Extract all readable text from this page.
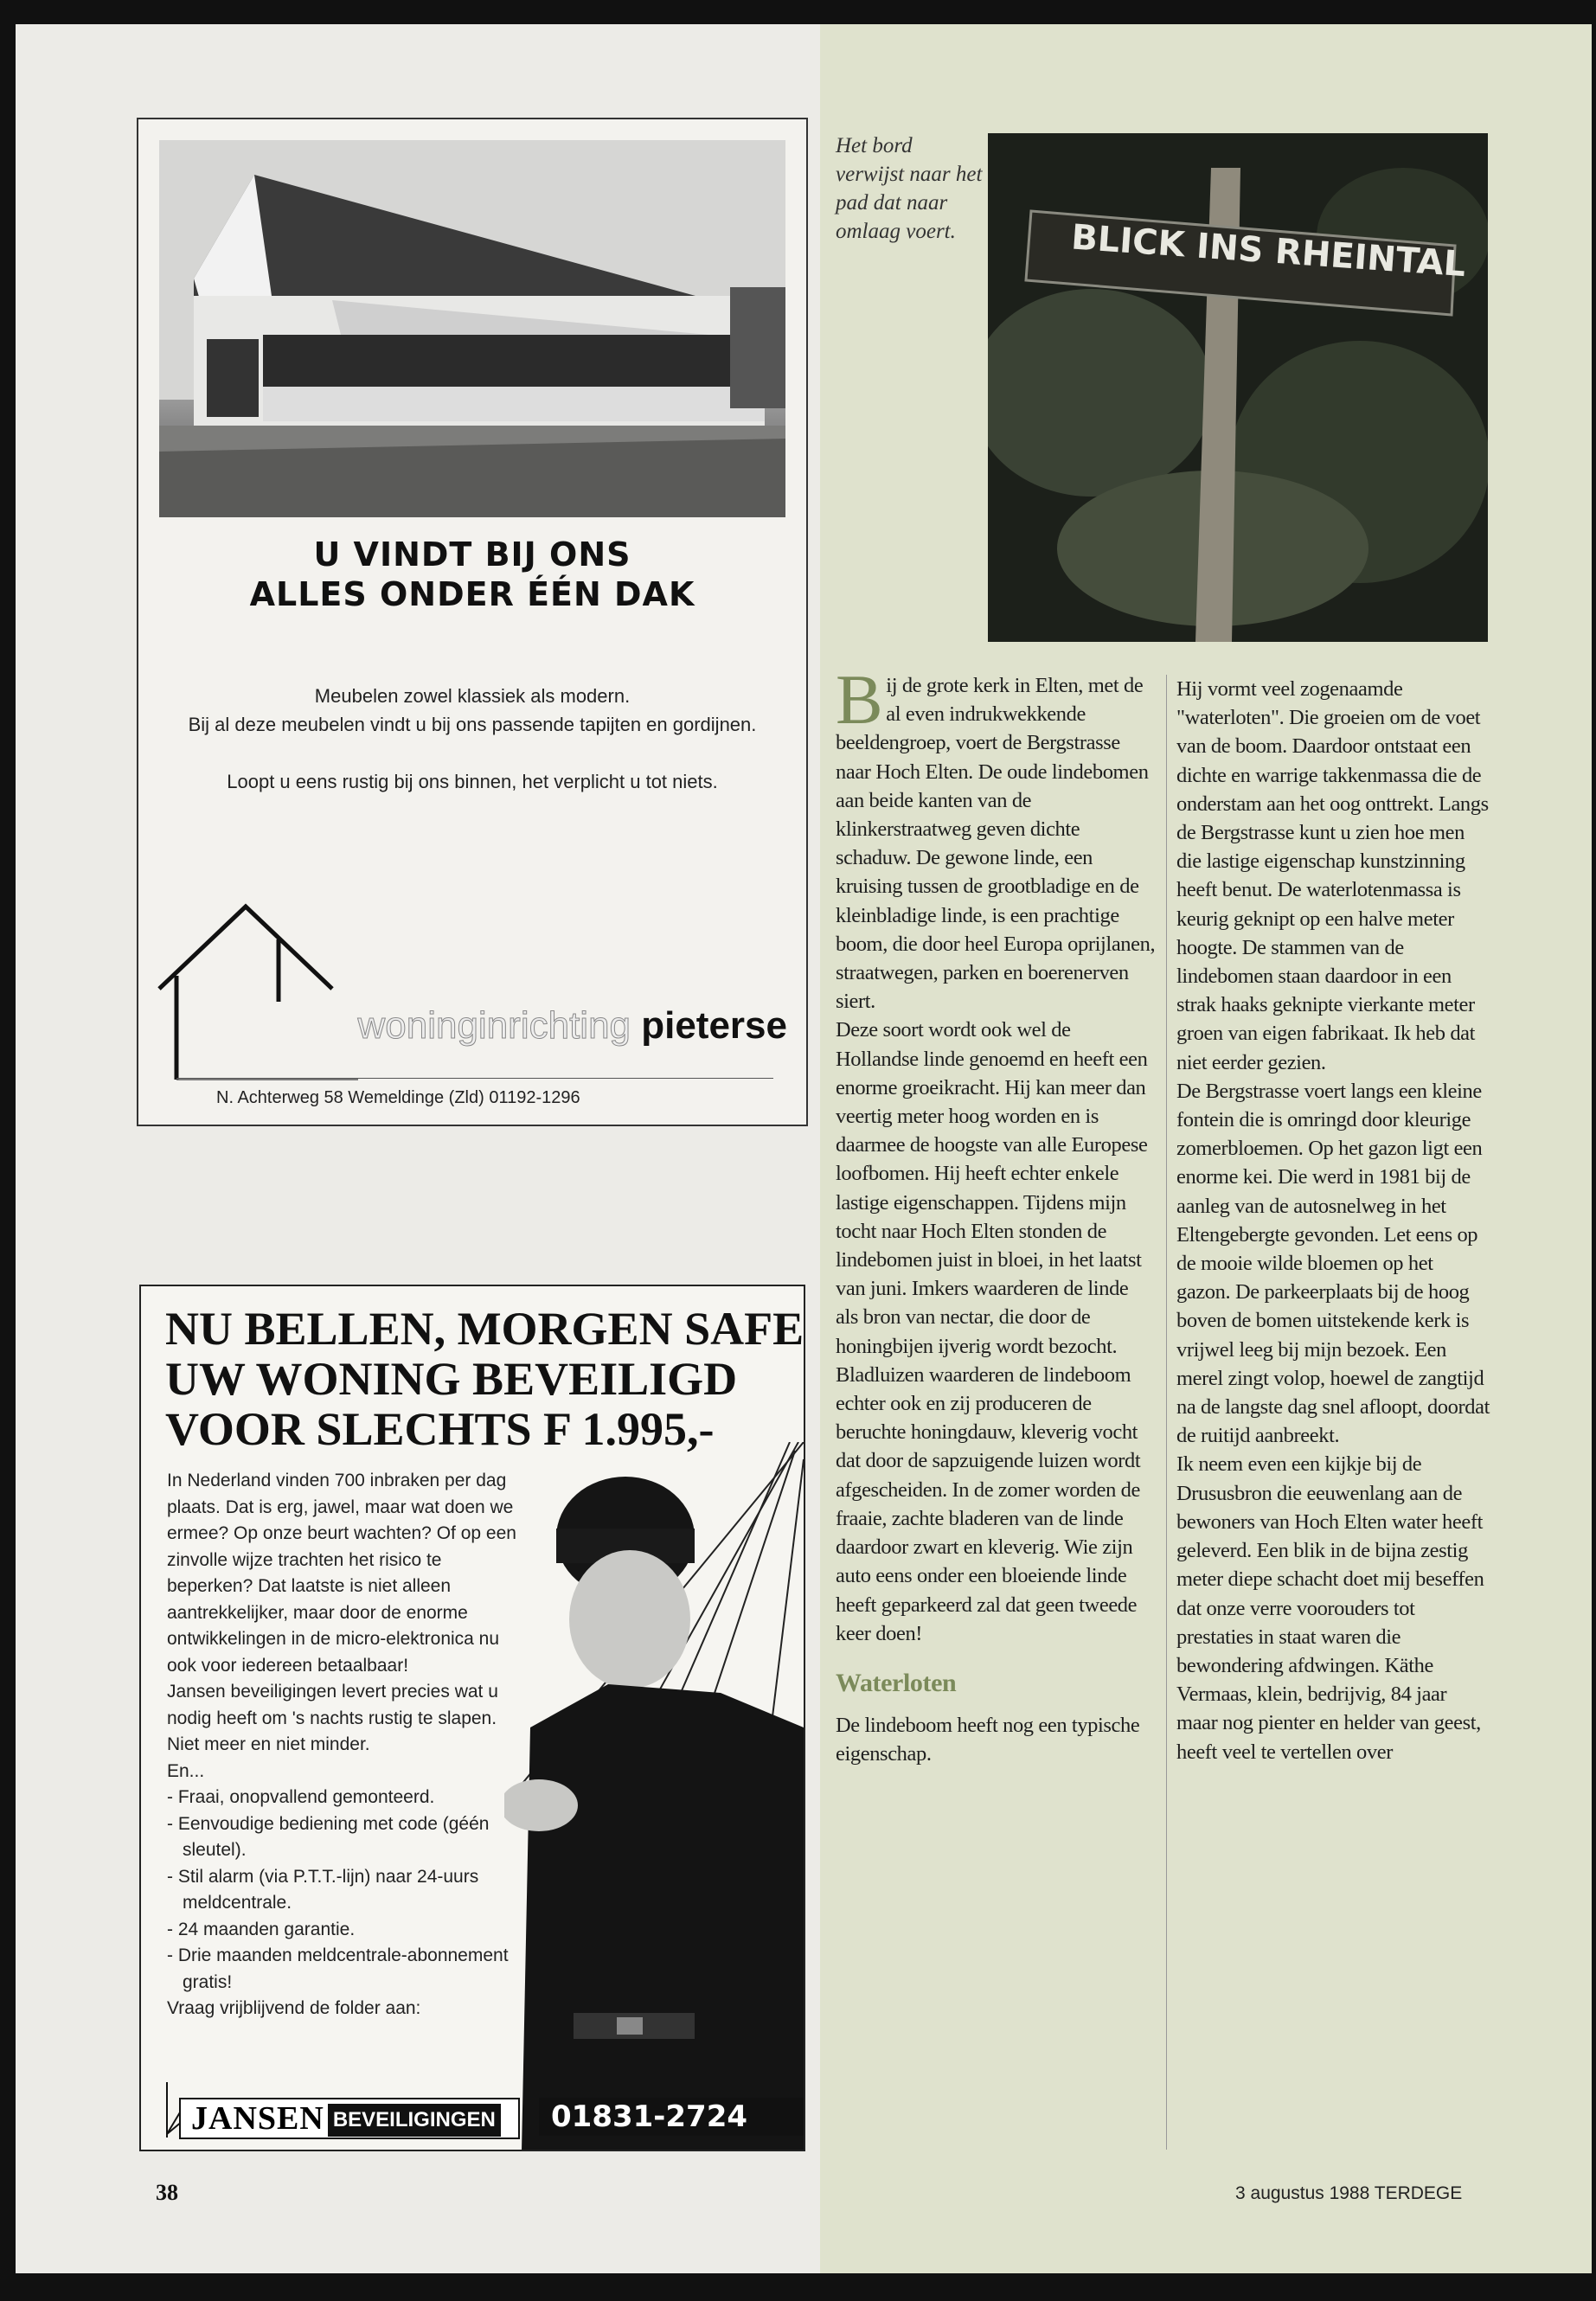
U VINDT BIJ ONS
ALLES ONDER ÉÉN DAK
Meubelen zowel klassiek als modern.
Bij al deze meubelen vindt u bij ons passende tapijten en gordijnen.
Loopt u eens rustig bij ons binnen, het verplicht u tot niets.
woninginrichting pieterse
N. Achterweg 58 Wemeldinge (Zld) 01192-1296
NU BELLEN, MORGEN SAFE
UW WONING BEVEILIGD
VOOR SLECHTS F 1.995,-

In Nederland vinden 700 inbraken per dag plaats. Dat is erg, jawel, maar wat doen we ermee? Op onze beurt wachten? Of op een zinvolle wijze trachten het risico te beperken? Dat laatste is niet alleen aantrekkelijker, maar door de enorme ontwikkelingen in de micro-elektronica nu ook voor iedereen betaalbaar!

Jansen beveiligingen levert precies wat u nodig heeft om 's nachts rustig te slapen. Niet meer en niet minder.

En...

- Fraai, onopvallend gemonteerd.
- Eenvoudige bediening met code (géén sleutel).
- Stil alarm (via P.T.T.-lijn) naar 24-uurs meldcentrale.
- 24 maanden garantie.
- Drie maanden meldcentrale-abonnement gratis!

Vraag vrijblijvend de folder aan:

JANSEN BEVEILIGINGEN	01831-2724
Het bord verwijst naar het pad dat naar omlaag voert.	BLICK INS RHEINTAL

Bij de grote kerk in Elten, met de al even indrukwekkende beeldengroep, voert de Bergstrasse naar Hoch Elten. De oude lindebomen aan beide kanten van de klinkerstraatweg geven dichte schaduw. De gewone linde, een kruising tussen de grootbladige en de kleinbladige linde, is een prachtige boom, die door heel Europa oprijlanen, straatwegen, parken en boerenerven siert.

Deze soort wordt ook wel de Hollandse linde genoemd en heeft een enorme groeikracht. Hij kan meer dan veertig meter hoog worden en is daarmee de hoogste van alle Europese loofbomen. Hij heeft echter enkele lastige eigenschappen. Tijdens mijn tocht naar Hoch Elten stonden de lindebomen juist in bloei, in het laatst van juni. Imkers waarderen de linde als bron van nectar, die door de honingbijen ijverig wordt bezocht. Bladluizen waarderen de lindeboom echter ook en zij produceren de beruchte honingdauw, kleverig vocht dat door de sapzuigende luizen wordt afgescheiden. In de zomer worden de fraaie, zachte bladeren van de linde daardoor zwart en kleverig. Wie zijn auto eens onder een bloeiende linde heeft geparkeerd zal dat geen tweede keer doen!

Waterloten

De lindeboom heeft nog een typische eigenschap.

Hij vormt veel zogenaamde "waterloten". Die groeien om de voet van de boom. Daardoor ontstaat een dichte en warrige takkenmassa die de onderstam aan het oog onttrekt. Langs de Bergstrasse kunt u zien hoe men die lastige eigenschap kunstzinning heeft benut. De waterlotenmassa is keurig geknipt op een halve meter hoogte. De stammen van de lindebomen staan daardoor in een strak haaks geknipte vierkante meter groen van eigen fabrikaat. Ik heb dat niet eerder gezien.

De Bergstrasse voert langs een kleine fontein die is omringd door kleurige zomerbloemen. Op het gazon ligt een enorme kei. Die werd in 1981 bij de aanleg van de autosnelweg in het Eltengebergte gevonden. Let eens op de mooie wilde bloemen op het gazon. De parkeerplaats bij de hoog boven de bomen uitstekende kerk is vrijwel leeg bij mijn bezoek. Een merel zingt volop, hoewel de zangtijd na de langste dag snel afloopt, doordat de ruitijd aanbreekt.

Ik neem even een kijkje bij de Drususbron die eeuwenlang aan de bewoners van Hoch Elten water heeft geleverd. Een blik in de bijna zestig meter diepe schacht doet mij beseffen dat onze verre voorouders tot prestaties in staat waren die bewondering afdwingen. Käthe Vermaas, klein, bedrijvig, 84 jaar maar nog pienter en helder van geest, heeft veel te vertellen over

38	3 augustus 1988 TERDEGE
